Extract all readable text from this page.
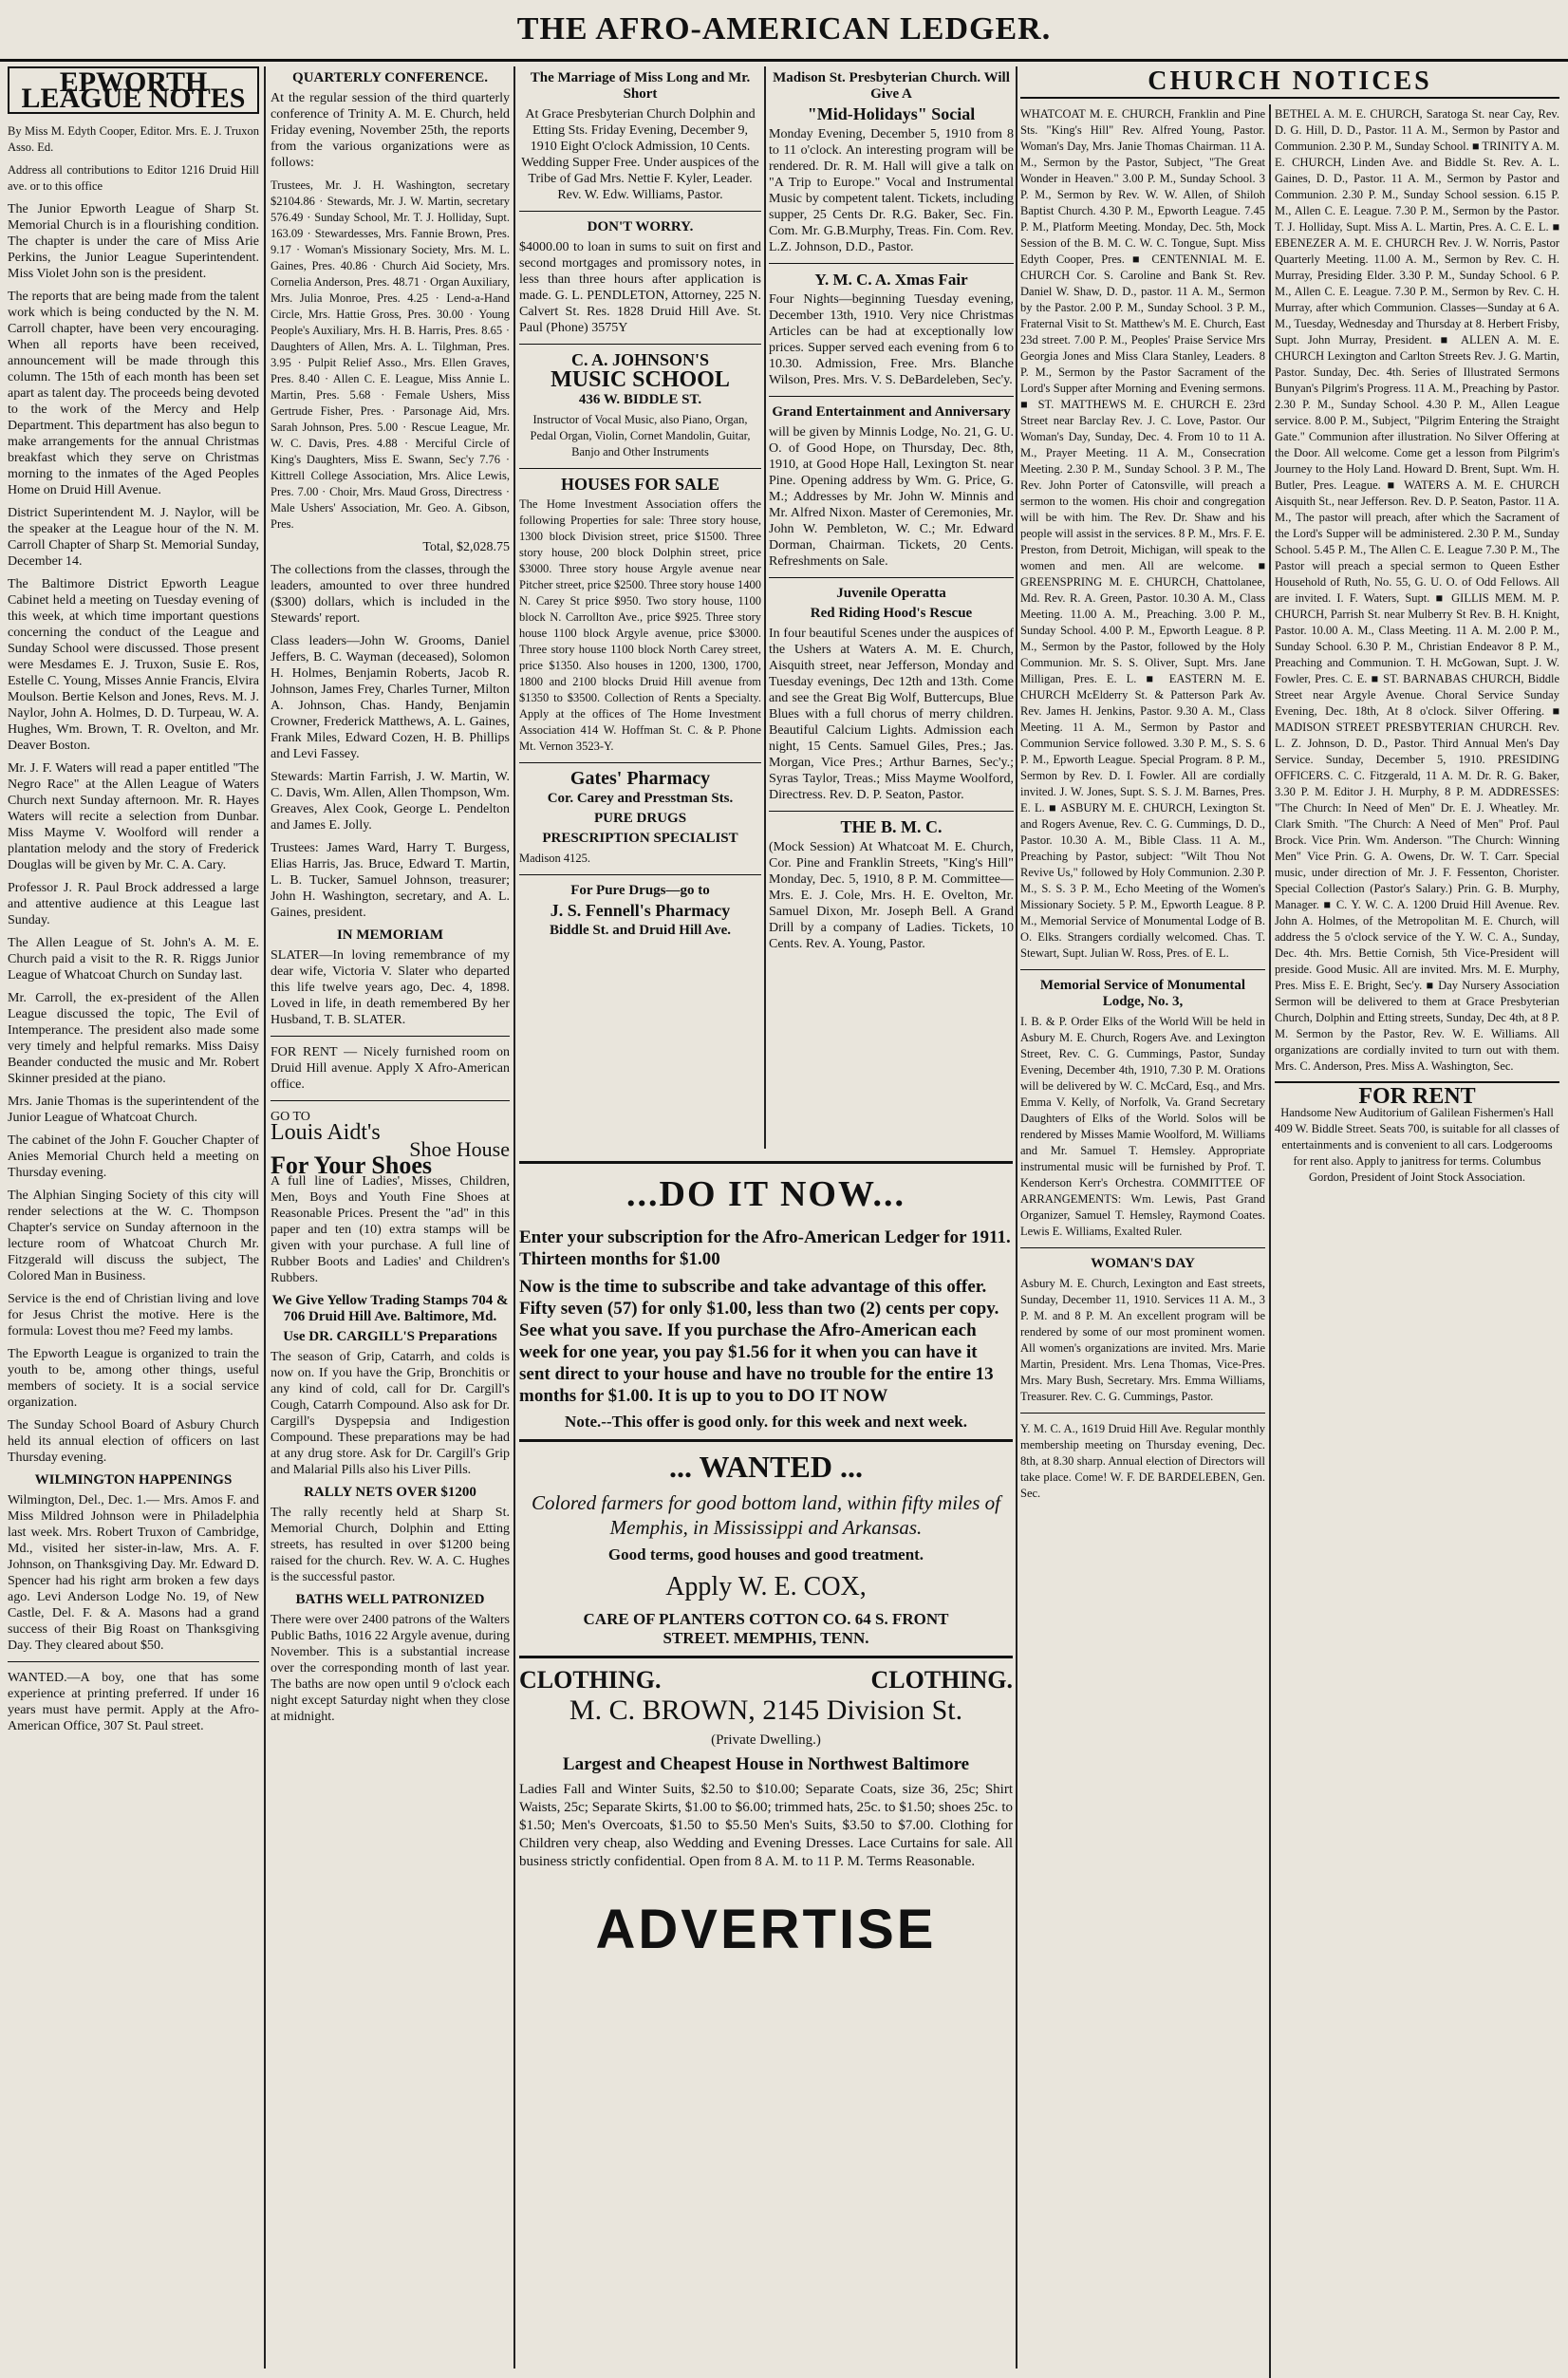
THE AFRO-AMERICAN LEDGER.
EPWORTH LEAGUE NOTES

By Miss M. Edyth Cooper, Editor. Mrs. E. J. Truxon Asso. Ed.

Address all contributions to Editor 1216 Druid Hill ave. or to this office

The Junior Epworth League of Sharp St. Memorial Church is in a flourishing condition. The chapter is under the care of Miss Arie Perkins, the Junior League Superintendent. Miss Violet John son is the president.

The reports that are being made from the talent work which is being conducted by the N. M. Carroll chapter, have been very encouraging. When all reports have been received, announcement will be made through this column. The 15th of each month has been set apart as talent day. The proceeds being devoted to the work of the Mercy and Help Department. This department has also begun to make arrangements for the annual Christmas breakfast which they serve on Christmas morning to the inmates of the Aged Peoples Home on Druid Hill Avenue.

District Superintendent M. J. Naylor, will be the speaker at the League hour of the N. M. Carroll Chapter of Sharp St. Memorial Sunday, December 14.

The Baltimore District Epworth League Cabinet held a meeting on Tuesday evening of this week, at which time important questions concerning the conduct of the League and Sunday School were discussed. Those present were Mesdames E. J. Truxon, Susie E. Ros, Estelle C. Young, Misses Annie Francis, Elvira Moulson. Bertie Kelson and Jones, Revs. M. J. Naylor, John A. Holmes, D. D. Turpeau, W. A. Hughes, Wm. Brown, T. R. Ovelton, and Mr. Deaver Boston.

Mr. J. F. Waters will read a paper entitled "The Negro Race" at the Allen League of Waters Church next Sunday afternoon. Mr. R. Hayes Waters will recite a selection from Dunbar. Miss Mayme V. Woolford will render a plantation melody and the story of Frederick Douglas will be given by Mr. C. A. Cary.

Professor J. R. Paul Brock addressed a large and attentive audience at this League last Sunday.

The Allen League of St. John's A. M. E. Church paid a visit to the R. R. Riggs Junior League of Whatcoat Church on Sunday last.

Mr. Carroll, the ex-president of the Allen League discussed the topic, The Evil of Intemperance. The president also made some very timely and helpful remarks. Miss Daisy Beander conducted the music and Mr. Robert Skinner presided at the piano.

Mrs. Janie Thomas is the superintendent of the Junior League of Whatcoat Church.

The cabinet of the John F. Goucher Chapter of Anies Memorial Church held a meeting on Thursday evening.

The Alphian Singing Society of this city will render selections at the W. C. Thompson Chapter's service on Sunday afternoon in the lecture room of Whatcoat Church Mr. Fitzgerald will discuss the subject, The Colored Man in Business.

Service is the end of Christian living and love for Jesus Christ the motive. Here is the formula: Lovest thou me? Feed my lambs.

The Epworth League is organized to train the youth to be, among other things, useful members of society. It is a social service organization.

The Sunday School Board of Asbury Church held its annual election of officers on last Thursday evening.

WILMINGTON HAPPENINGS

Wilmington, Del., Dec. 1.— Mrs. Amos F. and Miss Mildred Johnson were in Philadelphia last week. Mrs. Robert Truxon of Cambridge, Md., visited her sister-in-law, Mrs. A. F. Johnson, on Thanksgiving Day. Mr. Edward D. Spencer had his right arm broken a few days ago. Levi Anderson Lodge No. 19, of New Castle, Del. F. & A. Masons had a grand success of their Big Roast on Thanksgiving Day. They cleared about $50.

WANTED.—A boy, one that has some experience at printing preferred. If under 16 years must have permit. Apply at the Afro-American Office, 307 St. Paul street.

QUARTERLY CONFERENCE.

At the regular session of the third quarterly conference of Trinity A. M. E. Church, held Friday evening, November 25th, the reports from the various organizations were as follows:

Trustees, Mr. J. H. Washington, secretary $2104.86 · Stewards, Mr. J. W. Martin, secretary 576.49 · Sunday School, Mr. T. J. Holliday, Supt. 163.09 · Stewardesses, Mrs. Fannie Brown, Pres. 9.17 · Woman's Missionary Society, Mrs. M. L. Gaines, Pres. 40.86 · Church Aid Society, Mrs. Cornelia Anderson, Pres. 48.71 · Organ Auxiliary, Mrs. Julia Monroe, Pres. 4.25 · Lend-a-Hand Circle, Mrs. Hattie Gross, Pres. 30.00 · Young People's Auxiliary, Mrs. H. B. Harris, Pres. 8.65 · Daughters of Allen, Mrs. A. L. Tilghman, Pres. 3.95 · Pulpit Relief Asso., Mrs. Ellen Graves, Pres. 8.40 · Allen C. E. League, Miss Annie L. Martin, Pres. 5.68 · Female Ushers, Miss Gertrude Fisher, Pres. · Parsonage Aid, Mrs. Sarah Johnson, Pres. 5.00 · Rescue League, Mr. W. C. Davis, Pres. 4.88 · Merciful Circle of King's Daughters, Miss E. Swann, Sec'y 7.76 · Kittrell College Association, Mrs. Alice Lewis, Pres. 7.00 · Choir, Mrs. Maud Gross, Directress · Male Ushers' Association, Mr. Geo. A. Gibson, Pres.

Total, $2,028.75

The collections from the classes, through the leaders, amounted to over three hundred ($300) dollars, which is included in the Stewards' report.

Class leaders—John W. Grooms, Daniel Jeffers, B. C. Wayman (deceased), Solomon H. Holmes, Benjamin Roberts, Jacob R. Johnson, James Frey, Charles Turner, Milton A. Johnson, Chas. Handy, Benjamin Crowner, Frederick Matthews, A. L. Gaines, Frank Miles, Edward Cozen, H. B. Phillips and Levi Fassey.

Stewards: Martin Farrish, J. W. Martin, W. C. Davis, Wm. Allen, Allen Thompson, Wm. Greaves, Alex Cook, George L. Pendelton and James E. Jolly.

Trustees: James Ward, Harry T. Burgess, Elias Harris, Jas. Bruce, Edward T. Martin, L. B. Tucker, Samuel Johnson, treasurer; John H. Washington, secretary, and A. L. Gaines, president.

IN MEMORIAM

SLATER—In loving remembrance of my dear wife, Victoria V. Slater who departed this life twelve years ago, Dec. 4, 1898. Loved in life, in death remembered By her Husband, T. B. SLATER.

FOR RENT — Nicely furnished room on Druid Hill avenue. Apply X Afro-American office.

GO TO
Louis Aidt's
Shoe House
For Your Shoes

A full line of Ladies', Misses, Children, Men, Boys and Youth Fine Shoes at Reasonable Prices. Present the "ad" in this paper and ten (10) extra stamps will be given with your purchase. A full line of Rubber Boots and Ladies' and Children's Rubbers.

We Give Yellow Trading Stamps 704 & 706 Druid Hill Ave. Baltimore, Md.
Use DR. CARGILL'S Preparations

The season of Grip, Catarrh, and colds is now on. If you have the Grip, Bronchitis or any kind of cold, call for Dr. Cargill's Cough, Catarrh Compound. Also ask for Dr. Cargill's Dyspepsia and Indigestion Compound. These preparations may be had at any drug store. Ask for Dr. Cargill's Grip and Malarial Pills also his Liver Pills.

RALLY NETS OVER $1200

The rally recently held at Sharp St. Memorial Church, Dolphin and Etting streets, has resulted in over $1200 being raised for the church. Rev. W. A. C. Hughes is the successful pastor.

BATHS WELL PATRONIZED

There were over 2400 patrons of the Walters Public Baths, 1016 22 Argyle avenue, during November. This is a substantial increase over the corresponding month of last year. The baths are now open until 9 o'clock each night except Saturday night when they close at midnight.

The Marriage of Miss Long and Mr. Short

At Grace Presbyterian Church Dolphin and Etting Sts. Friday Evening, December 9, 1910 Eight O'clock Admission, 10 Cents. Wedding Supper Free. Under auspices of the Tribe of Gad Mrs. Nettie F. Kyler, Leader. Rev. W. Edw. Williams, Pastor.

DON'T WORRY.

$4000.00 to loan in sums to suit on first and second mortgages and promissory notes, in less than three hours after application is made. G. L. PENDLETON, Attorney, 225 N. Calvert St. Res. 1828 Druid Hill Ave. St. Paul (Phone) 3575Y

C. A. JOHNSON'S
MUSIC SCHOOL
436 W. BIDDLE ST.

Instructor of Vocal Music, also Piano, Organ, Pedal Organ, Violin, Cornet Mandolin, Guitar, Banjo and Other Instruments

HOUSES FOR SALE

The Home Investment Association offers the following Properties for sale: Three story house, 1300 block Division street, price $1500. Three story house, 200 block Dolphin street, price $3000. Three story house Argyle avenue near Pitcher street, price $2500. Three story house 1400 N. Carey St price $950. Two story house, 1100 block N. Carrollton Ave., price $925. Three story house 1100 block Argyle avenue, price $3000. Three story house 1100 block North Carey street, price $1350. Also houses in 1200, 1300, 1700, 1800 and 2100 blocks Druid Hill avenue from $1350 to $3500. Collection of Rents a Specialty. Apply at the offices of The Home Investment Association 414 W. Hoffman St. C. & P. Phone Mt. Vernon 3523-Y.

Gates' Pharmacy
Cor. Carey and Presstman Sts.
PURE DRUGS
PRESCRIPTION SPECIALIST
Madison 4125.
For Pure Drugs—go to
J. S. Fennell's Pharmacy
Biddle St. and Druid Hill Ave.
Madison St. Presbyterian Church. Will Give A
"Mid-Holidays" Social

Monday Evening, December 5, 1910 from 8 to 11 o'clock. An interesting program will be rendered. Dr. R. M. Hall will give a talk on "A Trip to Europe." Vocal and Instrumental Music by competent talent. Tickets, including supper, 25 Cents Dr. R.G. Baker, Sec. Fin. Com. Mr. G.B.Murphy, Treas. Fin. Com. Rev. L.Z. Johnson, D.D., Pastor.

Y. M. C. A. Xmas Fair

Four Nights—beginning Tuesday evening, December 13th, 1910. Very nice Christmas Articles can be had at exceptionally low prices. Supper served each evening from 6 to 10.30. Admission, Free. Mrs. Blanche Wilson, Pres. Mrs. V. S. DeBardeleben, Sec'y.

Grand Entertainment and Anniversary

will be given by Minnis Lodge, No. 21, G. U. O. of Good Hope, on Thursday, Dec. 8th, 1910, at Good Hope Hall, Lexington St. near Pine. Opening address by Wm. G. Price, G. M.; Addresses by Mr. John W. Minnis and Mr. Alfred Nixon. Master of Ceremonies, Mr. John W. Pembleton, W. C.; Mr. Edward Dorman, Chairman. Tickets, 20 Cents. Refreshments on Sale.

Juvenile Operatta
Red Riding Hood's Rescue

In four beautiful Scenes under the auspices of the Ushers at Waters A. M. E. Church, Aisquith street, near Jefferson, Monday and Tuesday evenings, Dec 12th and 13th. Come and see the Great Big Wolf, Buttercups, Blue Blues with a full chorus of merry children. Beautiful Calcium Lights. Admission each night, 15 Cents. Samuel Giles, Pres.; Jas. Morgan, Vice Pres.; Arthur Barnes, Sec'y.; Syras Taylor, Treas.; Miss Mayme Woolford, Directress. Rev. D. P. Seaton, Pastor.

THE B. M. C.

(Mock Session) At Whatcoat M. E. Church, Cor. Pine and Franklin Streets, "King's Hill" Monday, Dec. 5, 1910, 8 P. M. Committee—Mrs. E. J. Cole, Mrs. H. E. Ovelton, Mr. Samuel Dixon, Mr. Joseph Bell. A Grand Drill by a company of Ladies. Tickets, 10 Cents. Rev. A. Young, Pastor.

...DO IT NOW...

Enter your subscription for the Afro-American Ledger for 1911. Thirteen months for $1.00

Now is the time to subscribe and take advantage of this offer. Fifty seven (57) for only $1.00, less than two (2) cents per copy. See what you save. If you purchase the Afro-American each week for one year, you pay $1.56 for it when you can have it sent direct to your house and have no trouble for the entire 13 months for $1.00. It is up to you to DO IT NOW

Note.--This offer is good only. for this week and next week.

... WANTED ...
Colored farmers for good bottom land, within fifty miles of Memphis, in Mississippi and Arkansas.

Good terms, good houses and good treatment.

Apply W. E. COX,

CARE OF PLANTERS COTTON CO. 64 S. FRONT STREET. MEMPHIS, TENN.

CLOTHING.	CLOTHING.
M. C. BROWN, 2145 Division St.

(Private Dwelling.)

Largest and Cheapest House in Northwest Baltimore

Ladies Fall and Winter Suits, $2.50 to $10.00; Separate Coats, size 36, 25c; Shirt Waists, 25c; Separate Skirts, $1.00 to $6.00; trimmed hats, 25c. to $1.50; shoes 25c. to $1.50; Men's Overcoats, $1.50 to $5.50 Men's Suits, $3.50 to $7.00. Clothing for Children very cheap, also Wedding and Evening Dresses. Lace Curtains for sale. All business strictly confidential. Open from 8 A. M. to 11 P. M. Terms Reasonable.

ADVERTISE
CHURCH NOTICES

WHATCOAT M. E. CHURCH, Franklin and Pine Sts. "King's Hill" Rev. Alfred Young, Pastor. Woman's Day, Mrs. Janie Thomas Chairman. 11 A. M., Sermon by the Pastor, Subject, "The Great Wonder in Heaven." 3.00 P. M., Sunday School. 3 P. M., Sermon by Rev. W. W. Allen, of Shiloh Baptist Church. 4.30 P. M., Epworth League. 7.45 P. M., Platform Meeting. Monday, Dec. 5th, Mock Session of the B. M. C. W. C. Tongue, Supt. Miss Edyth Cooper, Pres. ■ CENTENNIAL M. E. CHURCH Cor. S. Caroline and Bank St. Rev. Daniel W. Shaw, D. D., pastor. 11 A. M., Sermon by the Pastor. 2.00 P. M., Sunday School. 3 P. M., Fraternal Visit to St. Matthew's M. E. Church, East 23d street. 7.00 P. M., Peoples' Praise Service Mrs Georgia Jones and Miss Clara Stanley, Leaders. 8 P. M., Sermon by the Pastor Sacrament of the Lord's Supper after Morning and Evening sermons. ■ ST. MATTHEWS M. E. CHURCH E. 23rd Street near Barclay Rev. J. C. Love, Pastor. Our Woman's Day, Sunday, Dec. 4. From 10 to 11 A. M., Prayer Meeting. 11 A. M., Consecration Meeting. 2.30 P. M., Sunday School. 3 P. M., The Rev. John Porter of Catonsville, will preach a sermon to the women. His choir and congregation will be with him. The Rev. Dr. Shaw and his people will assist in the services. 8 P. M., Mrs. F. E. Preston, from Detroit, Michigan, will speak to the women and men. All are welcome. ■ GREENSPRING M. E. CHURCH, Chattolanee, Md. Rev. R. A. Green, Pastor. 10.30 A. M., Class Meeting. 11.00 A. M., Preaching. 3.00 P. M., Sunday School. 4.00 P. M., Epworth League. 8 P. M., Sermon by the Pastor, followed by the Holy Communion. Mr. S. S. Oliver, Supt. Mrs. Jane Milligan, Pres. E. L. ■ EASTERN M. E. CHURCH McElderry St. & Patterson Park Av. Rev. James H. Jenkins, Pastor. 9.30 A. M., Class Meeting. 11 A. M., Sermon by Pastor and Communion Service followed. 3.30 P. M., S. S. 6 P. M., Epworth League. Special Program. 8 P. M., Sermon by Rev. D. I. Fowler. All are cordially invited. J. W. Jones, Supt. S. S. J. M. Barnes, Pres. E. L. ■ ASBURY M. E. CHURCH, Lexington St. and Rogers Avenue, Rev. C. G. Cummings, D. D., Pastor. 10.30 A. M., Bible Class. 11 A. M., Preaching by Pastor, subject: "Wilt Thou Not Revive Us," followed by Holy Communion. 2.30 P. M., S. S. 3 P. M., Echo Meeting of the Women's Missionary Society. 5 P. M., Epworth League. 8 P. M., Memorial Service of Monumental Lodge of B. O. Elks. Strangers cordially welcomed. Chas. T. Stewart, Supt. Julian W. Ross, Pres. of E. L.

Memorial Service of Monumental Lodge, No. 3,

I. B. & P. Order Elks of the World Will be held in Asbury M. E. Church, Rogers Ave. and Lexington Street, Rev. C. G. Cummings, Pastor, Sunday Evening, December 4th, 1910, 7.30 P. M. Orations will be delivered by W. C. McCard, Esq., and Mrs. Emma V. Kelly, of Norfolk, Va. Grand Secretary Daughters of Elks of the World. Solos will be rendered by Misses Mamie Woolford, M. Williams and Mr. Samuel T. Hemsley. Appropriate instrumental music will be furnished by Prof. T. Kenderson Kerr's Orchestra. COMMITTEE OF ARRANGEMENTS: Wm. Lewis, Past Grand Organizer, Samuel T. Hemsley, Raymond Coates. Lewis E. Williams, Exalted Ruler.

WOMAN'S DAY

Asbury M. E. Church, Lexington and East streets, Sunday, December 11, 1910. Services 11 A. M., 3 P. M. and 8 P. M. An excellent program will be rendered by some of our most prominent women. All women's organizations are invited. Mrs. Marie Martin, President. Mrs. Lena Thomas, Vice-Pres. Mrs. Mary Bush, Secretary. Mrs. Emma Williams, Treasurer. Rev. C. G. Cummings, Pastor.

Y. M. C. A., 1619 Druid Hill Ave. Regular monthly membership meeting on Thursday evening, Dec. 8th, at 8.30 sharp. Annual election of Directors will take place. Come! W. F. DE BARDELEBEN, Gen. Sec.

BETHEL A. M. E. CHURCH, Saratoga St. near Cay, Rev. D. G. Hill, D. D., Pastor. 11 A. M., Sermon by Pastor and Communion. 2.30 P. M., Sunday School. ■ TRINITY A. M. E. CHURCH, Linden Ave. and Biddle St. Rev. A. L. Gaines, D. D., Pastor. 11 A. M., Sermon by Pastor and Communion. 2.30 P. M., Sunday School session. 6.15 P. M., Allen C. E. League. 7.30 P. M., Sermon by the Pastor. T. J. Holliday, Supt. Miss A. L. Martin, Pres. A. C. E. L. ■ EBENEZER A. M. E. CHURCH Rev. J. W. Norris, Pastor Quarterly Meeting. 11.00 A. M., Sermon by Rev. C. H. Murray, Presiding Elder. 3.30 P. M., Sunday School. 6 P. M., Allen C. E. League. 7.30 P. M., Sermon by Rev. C. H. Murray, after which Communion. Classes—Sunday at 6 A. M., Tuesday, Wednesday and Thursday at 8. Herbert Frisby, Supt. John Murray, President. ■ ALLEN A. M. E. CHURCH Lexington and Carlton Streets Rev. J. G. Martin, Pastor. Sunday, Dec. 4th. Series of Illustrated Sermons Bunyan's Pilgrim's Progress. 11 A. M., Preaching by Pastor. 2.30 P. M., Sunday School. 4.30 P. M., Allen League service. 8.00 P. M., Subject, "Pilgrim Entering the Straight Gate." Communion after illustration. No Silver Offering at the Door. All welcome. Come get a lesson from Pilgrim's Journey to the Holy Land. Howard D. Brent, Supt. Wm. H. Butler, Pres. League. ■ WATERS A. M. E. CHURCH Aisquith St., near Jefferson. Rev. D. P. Seaton, Pastor. 11 A. M., The pastor will preach, after which the Sacrament of the Lord's Supper will be administered. 2.30 P. M., Sunday School. 5.45 P. M., The Allen C. E. League 7.30 P. M., The Pastor will preach a special sermon to Queen Esther Household of Ruth, No. 55, G. U. O. of Odd Fellows. All are invited. I. F. Waters, Supt. ■ GILLIS MEM. M. P. CHURCH, Parrish St. near Mulberry St Rev. B. H. Knight, Pastor. 10.00 A. M., Class Meeting. 11 A. M. 2.00 P. M., Sunday School. 6.30 P. M., Christian Endeavor 8 P. M., Preaching and Communion. T. H. McGowan, Supt. J. W. Fowler, Pres. C. E. ■ ST. BARNABAS CHURCH, Biddle Street near Argyle Avenue. Choral Service Sunday Evening, Dec. 18th, At 8 o'clock. Silver Offering. ■ MADISON STREET PRESBYTERIAN CHURCH. Rev. L. Z. Johnson, D. D., Pastor. Third Annual Men's Day Service. Sunday, December 5, 1910. PRESIDING OFFICERS. C. C. Fitzgerald, 11 A. M. Dr. R. G. Baker, 3.30 P. M. Editor J. H. Murphy, 8 P. M. ADDRESSES: "The Church: In Need of Men" Dr. E. J. Wheatley. Mr. Clark Smith. "The Church: A Need of Men" Prof. Paul Brock. Vice Prin. Wm. Anderson. "The Church: Winning Men" Vice Prin. G. A. Owens, Dr. W. T. Carr. Special music, under direction of Mr. J. F. Fessenton, Chorister. Special Collection (Pastor's Salary.) Prin. G. B. Murphy, Manager. ■ C. Y. W. C. A. 1200 Druid Hill Avenue. Rev. John A. Holmes, of the Metropolitan M. E. Church, will address the 5 o'clock service of the Y. W. C. A., Sunday, Dec. 4th. Mrs. Bettie Cornish, 5th Vice-President will preside. Good Music. All are invited. Mrs. M. E. Murphy, Pres. Miss E. E. Bright, Sec'y. ■ Day Nursery Association Sermon will be delivered to them at Grace Presbyterian Church, Dolphin and Etting streets, Sunday, Dec 4th, at 8 P. M. Sermon by the Pastor, Rev. W. E. Williams. All organizations are cordially invited to turn out with them. Mrs. C. Anderson, Pres. Miss A. Washington, Sec.

FOR RENT

Handsome New Auditorium of Galilean Fishermen's Hall 409 W. Biddle Street. Seats 700, is suitable for all classes of entertainments and is convenient to all cars. Lodgerooms for rent also. Apply to janitress for terms. Columbus Gordon, President of Joint Stock Association.
